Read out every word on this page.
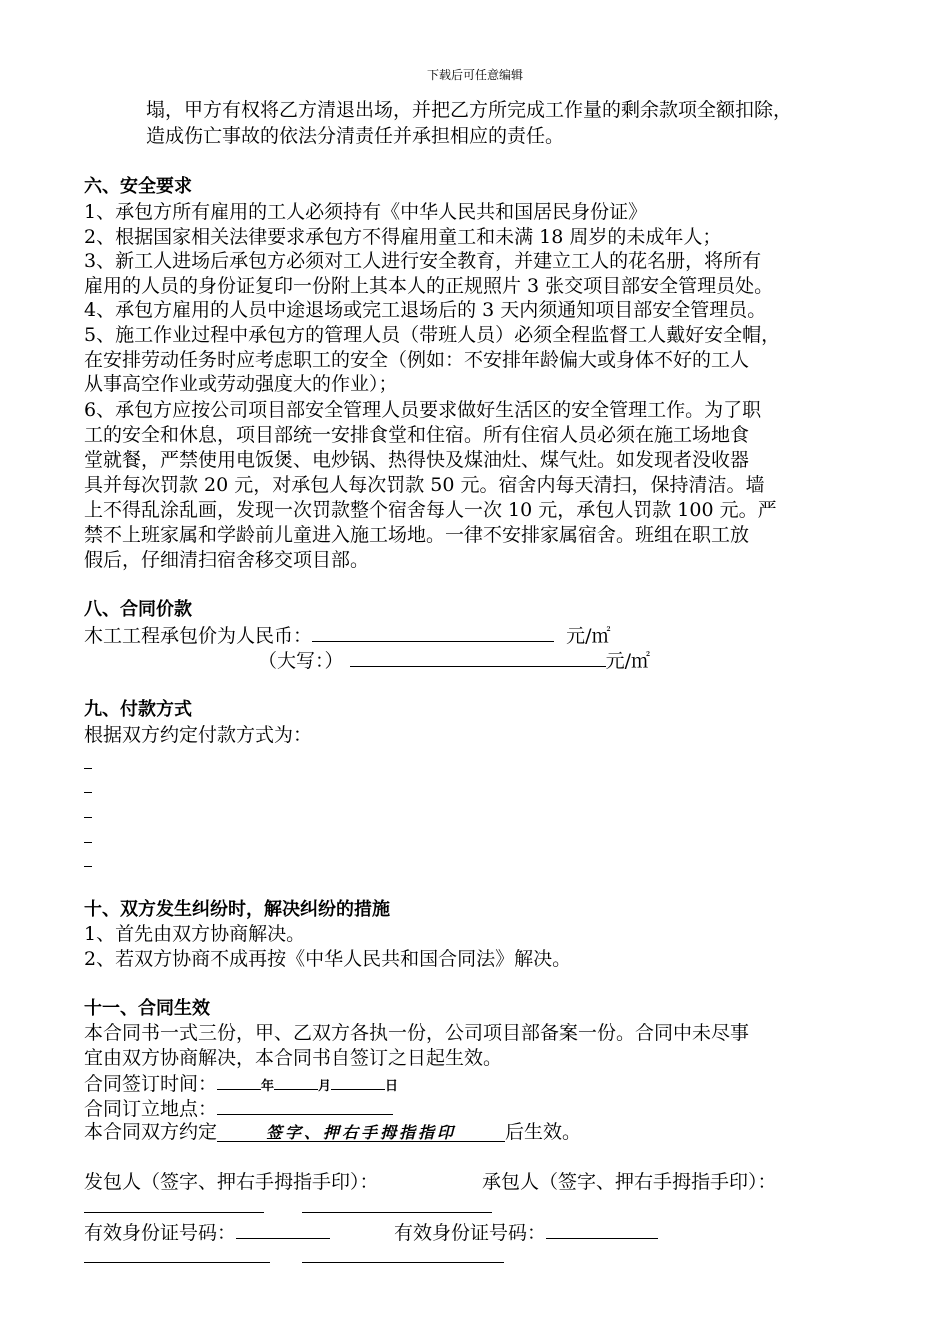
下载后可任意编辑
塌，甲方有权将乙方清退出场，并把乙方所完成工作量的剩余款项全额扣除，
造成伤亡事故的依法分清责任并承担相应的责任。
六、安全要求
1、承包方所有雇用的工人必须持有《中华人民共和国居民身份证》
2、根据国家相关法律要求承包方不得雇用童工和未满 18 周岁的未成年人；
3、新工人进场后承包方必须对工人进行安全教育，并建立工人的花名册，将所有
雇用的人员的身份证复印一份附上其本人的正规照片 3 张交项目部安全管理员处。
4、承包方雇用的人员中途退场或完工退场后的 3 天内须通知项目部安全管理员。
5、施工作业过程中承包方的管理人员（带班人员）必须全程监督工人戴好安全帽，
在安排劳动任务时应考虑职工的安全（例如：不安排年龄偏大或身体不好的工人
从事高空作业或劳动强度大的作业）；
6、承包方应按公司项目部安全管理人员要求做好生活区的安全管理工作。为了职
工的安全和休息，项目部统一安排食堂和住宿。所有住宿人员必须在施工场地食
堂就餐，严禁使用电饭煲、电炒锅、热得快及煤油灶、煤气灶。如发现者没收器
具并每次罚款 20 元，对承包人每次罚款 50 元。宿舍内每天清扫，保持清洁。墙
上不得乱涂乱画，发现一次罚款整个宿舍每人一次 10 元，承包人罚款 100 元。严
禁不上班家属和学龄前儿童进入施工场地。一律不安排家属宿舍。班组在职工放
假后，仔细清扫宿舍移交项目部。
八、合同价款
木工工程承包价为人民币：	元/㎡
（大写：）	元/㎡
九、付款方式
根据双方约定付款方式为：
十、双方发生纠纷时，解决纠纷的措施
1、首先由双方协商解决。
2、若双方协商不成再按《中华人民共和国合同法》解决。
十一、合同生效
本合同书一式三份，甲、乙双方各执一份，公司项目部备案一份。合同中未尽事
宜由双方协商解决，本合同书自签订之日起生效。
合同签订时间：	年	月	日
合同订立地点：
本合同双方约定	签字、押右手拇指指印	后生效。
发包人（签字、押右手拇指手印）：	承包人（签字、押右手拇指手印）：
有效身份证号码：	有效身份证号码：
